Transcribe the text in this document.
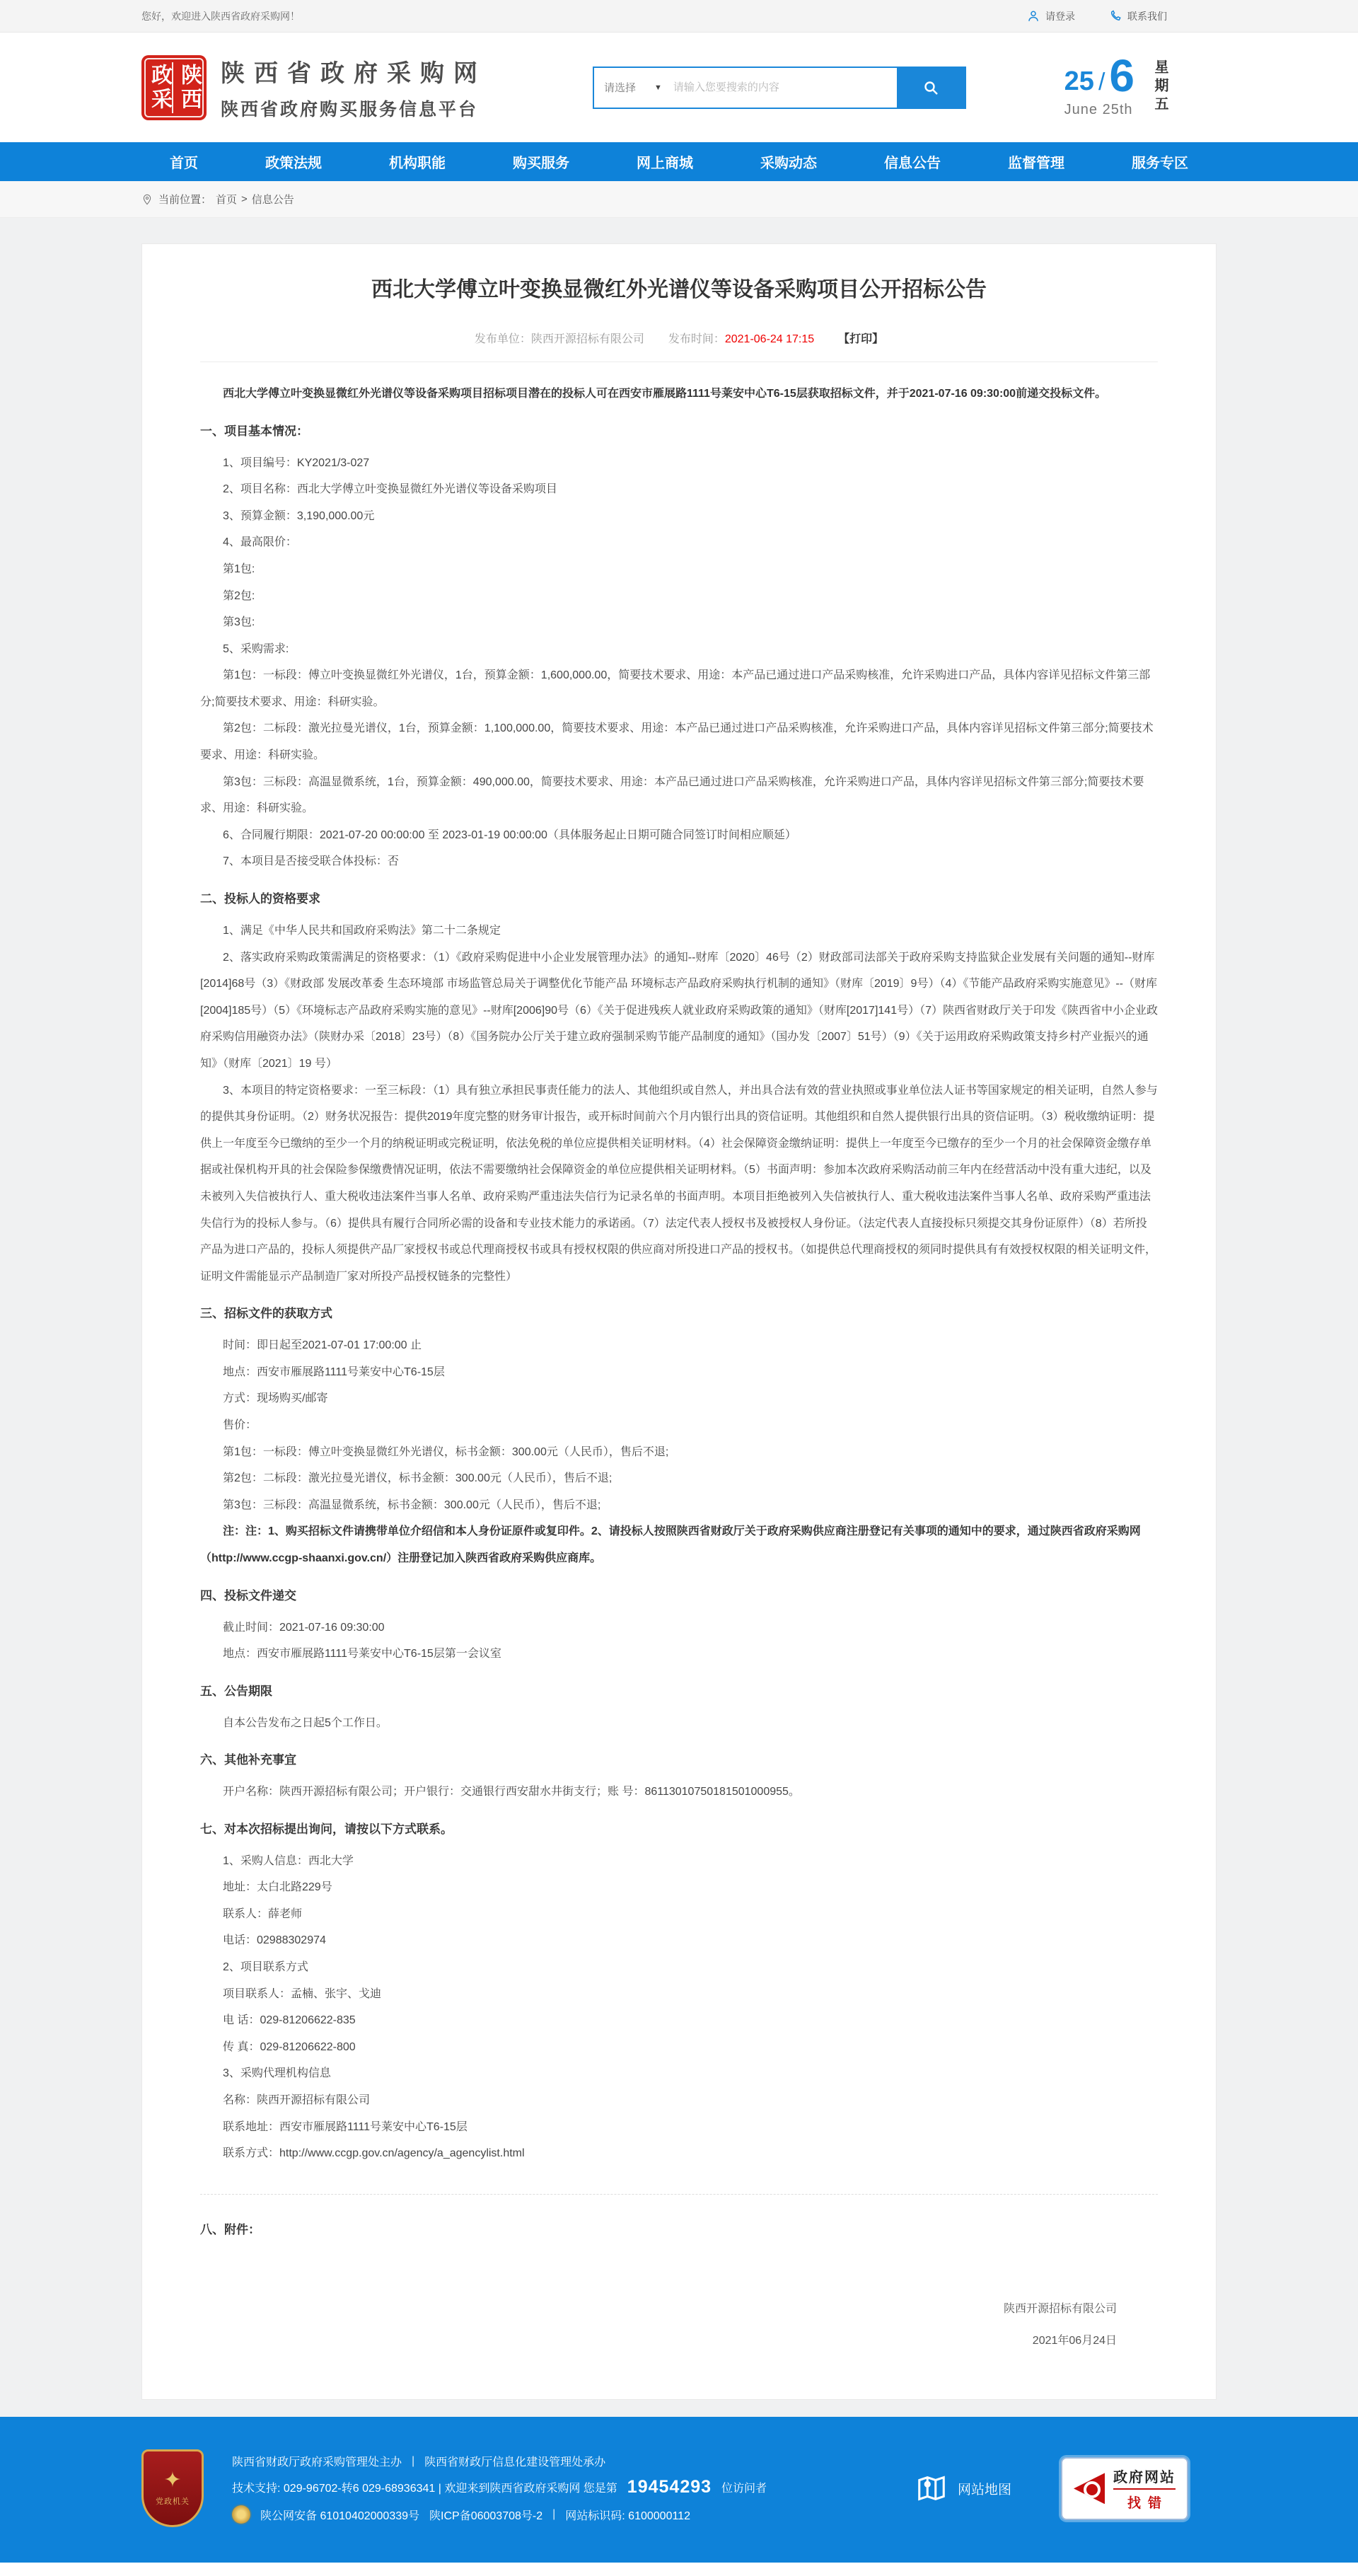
您好，欢迎进入陕西省政府采购网！	请登录	联系我们
政采 陕西 陕西省政府采购网
陕西省政府购买服务信息平台
请选择 ▼
请输入您要搜索的内容	25 / 6
June 25th 星期五
首页	政策法规	机构职能	购买服务	网上商城	采购动态	信息公告	监督管理	服务专区
当前位置： 首页 > 信息公告
西北大学傅立叶变换显微红外光谱仪等设备采购项目公开招标公告
发布单位：陕西开源招标有限公司 发布时间：2021-06-24 17:15 【打印】

西北大学傅立叶变换显微红外光谱仪等设备采购项目招标项目潜在的投标人可在西安市雁展路1111号莱安中心T6-15层获取招标文件，并于2021-07-16 09:30:00前递交投标文件。

一、项目基本情况：

1、项目编号：KY2021/3-027

2、项目名称：西北大学傅立叶变换显微红外光谱仪等设备采购项目

3、预算金额：3,190,000.00元

4、最高限价：

第1包:

第2包:

第3包:

5、采购需求:

第1包：一标段：傅立叶变换显微红外光谱仪，1台，预算金额：1,600,000.00，简要技术要求、用途：本产品已通过进口产品采购核准，允许采购进口产品，具体内容详见招标文件第三部分;简要技术要求、用途：科研实验。

第2包：二标段：激光拉曼光谱仪，1台，预算金额：1,100,000.00，简要技术要求、用途：本产品已通过进口产品采购核准，允许采购进口产品，具体内容详见招标文件第三部分;简要技术要求、用途：科研实验。

第3包：三标段：高温显微系统，1台，预算金额：490,000.00，简要技术要求、用途：本产品已通过进口产品采购核准，允许采购进口产品，具体内容详见招标文件第三部分;简要技术要求、用途：科研实验。

6、合同履行期限：2021-07-20 00:00:00 至 2023-01-19 00:00:00（具体服务起止日期可随合同签订时间相应顺延）

7、本项目是否接受联合体投标：否

二、投标人的资格要求

1、满足《中华人民共和国政府采购法》第二十二条规定

2、落实政府采购政策需满足的资格要求：（1）《政府采购促进中小企业发展管理办法》的通知--财库〔2020〕46号（2）财政部司法部关于政府采购支持监狱企业发展有关问题的通知--财库[2014]68号（3）《财政部 发展改革委 生态环境部 市场监管总局关于调整优化节能产品 环境标志产品政府采购执行机制的通知》（财库〔2019〕9号）（4）《节能产品政府采购实施意见》--（财库[2004]185号）（5）《环境标志产品政府采购实施的意见》--财库[2006]90号（6）《关于促进残疾人就业政府采购政策的通知》（财库[2017]141号）（7）陕西省财政厅关于印发《陕西省中小企业政府采购信用融资办法》（陕财办采〔2018〕23号）（8）《国务院办公厅关于建立政府强制采购节能产品制度的通知》（国办发〔2007〕51号）（9）《关于运用政府采购政策支持乡村产业振兴的通知》（财库〔2021〕19 号）

3、本项目的特定资格要求：一至三标段：（1）具有独立承担民事责任能力的法人、其他组织或自然人，并出具合法有效的营业执照或事业单位法人证书等国家规定的相关证明，自然人参与的提供其身份证明。（2）财务状况报告：提供2019年度完整的财务审计报告，或开标时间前六个月内银行出具的资信证明。其他组织和自然人提供银行出具的资信证明。（3）税收缴纳证明：提供上一年度至今已缴纳的至少一个月的纳税证明或完税证明，依法免税的单位应提供相关证明材料。（4）社会保障资金缴纳证明：提供上一年度至今已缴存的至少一个月的社会保障资金缴存单据或社保机构开具的社会保险参保缴费情况证明，依法不需要缴纳社会保障资金的单位应提供相关证明材料。（5）书面声明：参加本次政府采购活动前三年内在经营活动中没有重大违纪，以及未被列入失信被执行人、重大税收违法案件当事人名单、政府采购严重违法失信行为记录名单的书面声明。本项目拒绝被列入失信被执行人、重大税收违法案件当事人名单、政府采购严重违法失信行为的投标人参与。（6）提供具有履行合同所必需的设备和专业技术能力的承诺函。（7）法定代表人授权书及被授权人身份证。（法定代表人直接投标只须提交其身份证原件）（8）若所投产品为进口产品的，投标人须提供产品厂家授权书或总代理商授权书或具有授权权限的供应商对所投进口产品的授权书。（如提供总代理商授权的须同时提供具有有效授权权限的相关证明文件，证明文件需能显示产品制造厂家对所投产品授权链条的完整性）

三、招标文件的获取方式

时间：即日起至2021-07-01 17:00:00 止

地点：西安市雁展路1111号莱安中心T6-15层

方式：现场购买/邮寄

售价：

第1包：一标段：傅立叶变换显微红外光谱仪，标书金额：300.00元（人民币），售后不退;

第2包：二标段：激光拉曼光谱仪，标书金额：300.00元（人民币），售后不退;

第3包：三标段：高温显微系统，标书金额：300.00元（人民币），售后不退;

注：注：1、购买招标文件请携带单位介绍信和本人身份证原件或复印件。2、请投标人按照陕西省财政厅关于政府采购供应商注册登记有关事项的通知中的要求，通过陕西省政府采购网（http://www.ccgp-shaanxi.gov.cn/）注册登记加入陕西省政府采购供应商库。

四、投标文件递交

截止时间：2021-07-16 09:30:00

地点：西安市雁展路1111号莱安中心T6-15层第一会议室

五、公告期限

自本公告发布之日起5个工作日。

六、其他补充事宜

开户名称：陕西开源招标有限公司；开户银行：交通银行西安甜水井街支行；账 号：86113010750181501000955。

七、对本次招标提出询问，请按以下方式联系。

1、采购人信息：西北大学

地址：太白北路229号

联系人：薛老师

电话：02988302974

2、项目联系方式

项目联系人：孟楠、张宇、戈迪

电 话：029-81206622-835

传 真：029-81206622-800

3、采购代理机构信息

名称：陕西开源招标有限公司

联系地址：西安市雁展路1111号莱安中心T6-15层

联系方式：http://www.ccgp.gov.cn/agency/a_agencylist.html

八、附件：

陕西开源招标有限公司
2021年06月24日
✦
党政机关
陕西省财政厅政府采购管理处主办 | 陕西省财政厅信息化建设管理处承办
技术支持: 029-96702-转6 029-68936341 | 欢迎来到陕西省政府采购网 您是第 19454293 位访问者
陕公网安备 61010402000339号 陕ICP备06003708号-2 | 网站标识码: 6100000112
网站地图
政府网站
找错
